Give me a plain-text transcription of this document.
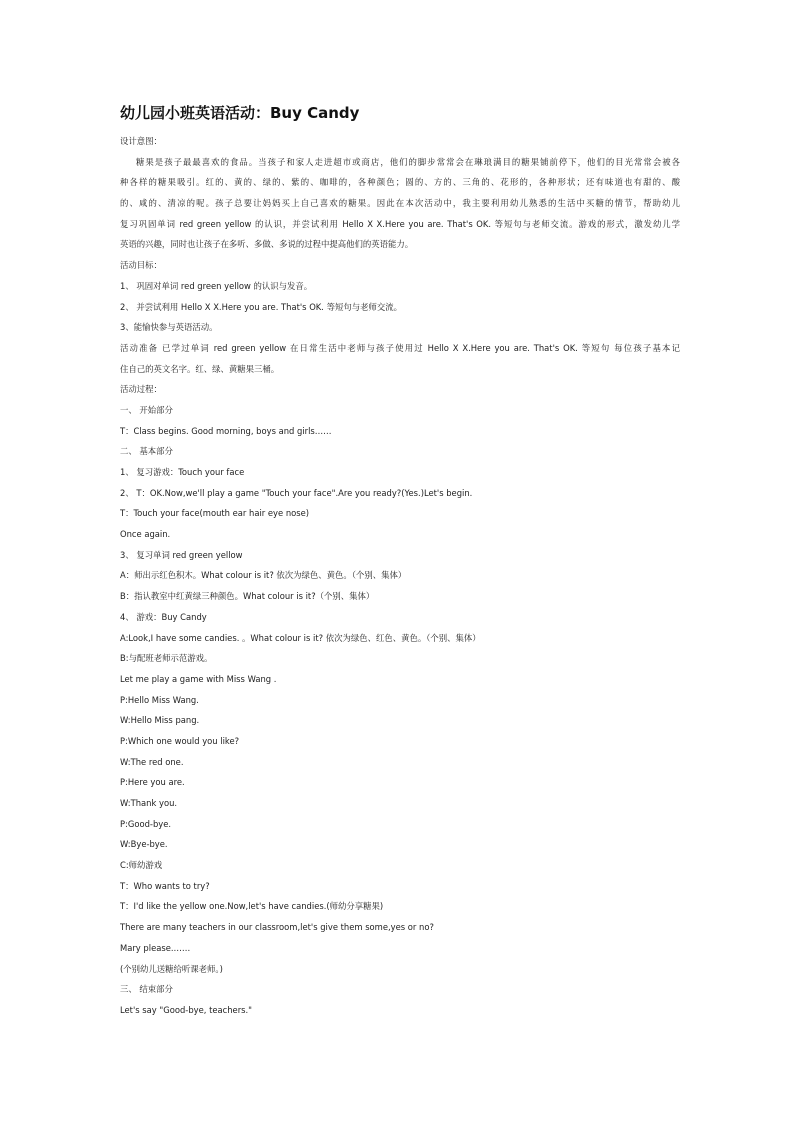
幼儿园小班英语活动：Buy Candy
设计意图：
糖果是孩子最最喜欢的食品。当孩子和家人走进超市或商店，他们的脚步常常会在琳琅满目的糖果铺前停下，他们的目光常常会被各
种各样的糖果吸引。红的、黄的、绿的、紫的、咖啡的，各种颜色；圆的、方的、三角的、花形的，各种形状；还有味道也有甜的、酸
的、咸的、清凉的呢。孩子总要让妈妈买上自己喜欢的糖果。因此在本次活动中，我主要利用幼儿熟悉的生活中买糖的情节，帮助幼儿
复习巩固单词 red green yellow 的认识，并尝试利用 Hello X X.Here you are. That's OK. 等短句与老师交流。游戏的形式，激发幼儿学
英语的兴趣，同时也让孩子在多听、多做、多说的过程中提高他们的英语能力。
活动目标：
1、 巩固对单词 red green yellow 的认识与发音。
2、 并尝试利用 Hello X X.Here you are. That's OK. 等短句与老师交流。
3、能愉快参与英语活动。
活动准备 已学过单词 red green yellow 在日常生活中老师与孩子使用过 Hello X X.Here you are. That's OK. 等短句 每位孩子基本记
住自己的英文名字。红、绿、黄糖果三桶。
活动过程：
一、 开始部分
T：Class begins. Good morning, boys and girls……
二、 基本部分
1、 复习游戏：Touch your face
2、 T：OK.Now,we'll play a game "Touch your face".Are you ready?(Yes.)Let's begin.
T：Touch your face(mouth ear hair eye nose)
Once again.
3、 复习单词 red green yellow
A：师出示红色积木。What colour is it? 依次为绿色、黄色。（个别、集体）
B：指认教室中红黄绿三种颜色。What colour is it?（个别、集体）
4、 游戏：Buy Candy
A:Look,I have some candies. 。What colour is it? 依次为绿色、红色、黄色。（个别、集体）
B:与配班老师示范游戏。
Let me play a game with Miss Wang .
P:Hello Miss Wang.
W:Hello Miss pang.
P:Which one would you like?
W:The red one.
P:Here you are.
W:Thank you.
P:Good-bye.
W:Bye-bye.
C:师幼游戏
T：Who wants to try?
T：I'd like the yellow one.Now,let's have candies.(师幼分享糖果)
There are many teachers in our classroom,let's give them some,yes or no?
Mary please.……
(个别幼儿送糖给听课老师。)
三、 结束部分
Let's say "Good-bye, teachers."
